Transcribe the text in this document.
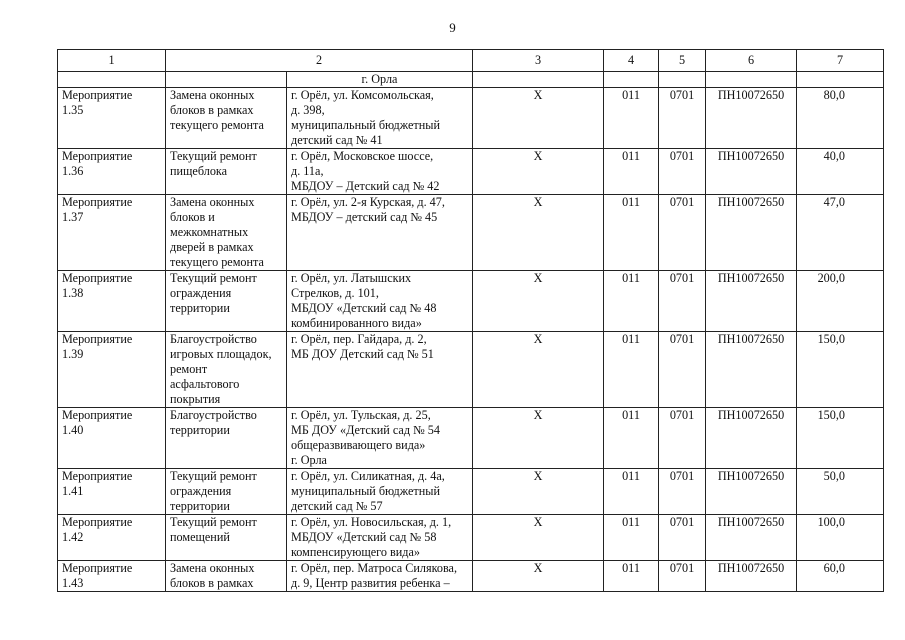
9
1	2		3	4	5	6	7

		г. Орла					

Мероприятие
1.35	Замена оконных
блоков в рамках
текущего ремонта	г. Орёл, ул. Комсомольская,
д. 398,
муниципальный бюджетный
детский сад № 41	X	011	0701	ПН10072650	80,0

Мероприятие
1.36	Текущий ремонт
пищеблока	г. Орёл, Московское шоссе,
д. 11а,
МБДОУ – Детский сад № 42	X	011	0701	ПН10072650	40,0

Мероприятие
1.37	Замена оконных
блоков и
межкомнатных
дверей в рамках
текущего ремонта	г. Орёл, ул. 2-я Курская, д. 47,
МБДОУ – детский сад № 45	X	011	0701	ПН10072650	47,0

Мероприятие
1.38	Текущий ремонт
ограждения
территории	г. Орёл, ул. Латышских
Стрелков, д. 101,
МБДОУ «Детский сад № 48
комбинированного вида»	X	011	0701	ПН10072650	200,0

Мероприятие
1.39	Благоустройство
игровых площадок,
ремонт
асфальтового
покрытия	г. Орёл, пер. Гайдара, д. 2,
МБ ДОУ Детский сад № 51	X	011	0701	ПН10072650	150,0

Мероприятие
1.40	Благоустройство
территории	г. Орёл, ул. Тульская, д. 25,
МБ ДОУ «Детский сад № 54
общеразвивающего вида»
г. Орла	X	011	0701	ПН10072650	150,0

Мероприятие
1.41	Текущий ремонт
ограждения
территории	г. Орёл, ул. Силикатная, д. 4а,
муниципальный бюджетный
детский сад № 57	X	011	0701	ПН10072650	50,0

Мероприятие
1.42	Текущий ремонт
помещений	г. Орёл, ул. Новосильская, д. 1,
МБДОУ «Детский сад № 58
компенсирующего вида»	X	011	0701	ПН10072650	100,0

Мероприятие
1.43	Замена оконных
блоков в рамках	г. Орёл, пер. Матроса Силякова,
д. 9, Центр развития ребенка –	X	011	0701	ПН10072650	60,0
